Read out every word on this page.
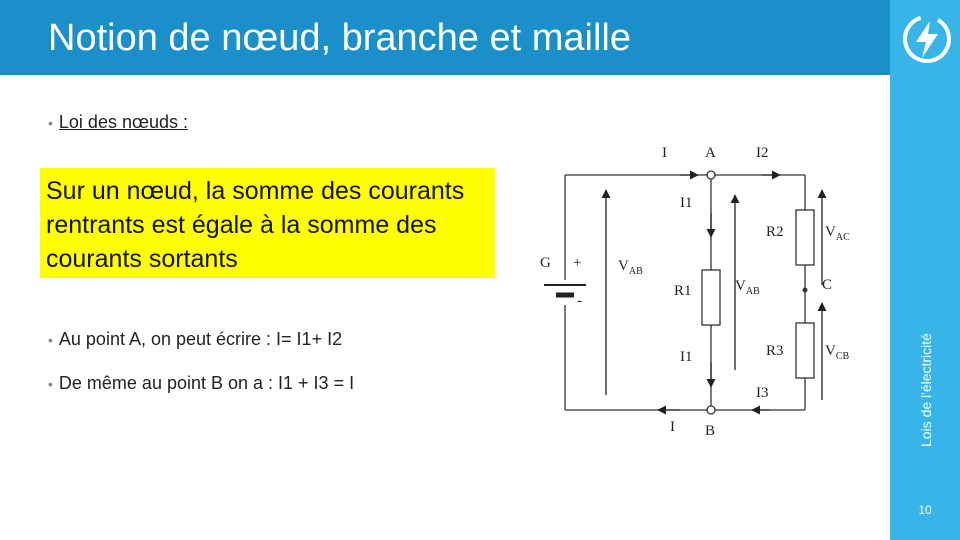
Notion de nœud, branche et maille
Lois de l'électricité
10
• Loi des nœuds :
Sur un nœud, la somme des courants rentrants est égale à la somme des courants sortants
• Au point A, on peut écrire : I= I1+ I2
• De même au point B on a : I1 + I3 = I
I	A	I2
I1
R2	$V_{AC}$
G +
-
$V_{AB}$
R1	$V_{AB}$	C
R3	$V_{CB}$
I1
I3
I B
